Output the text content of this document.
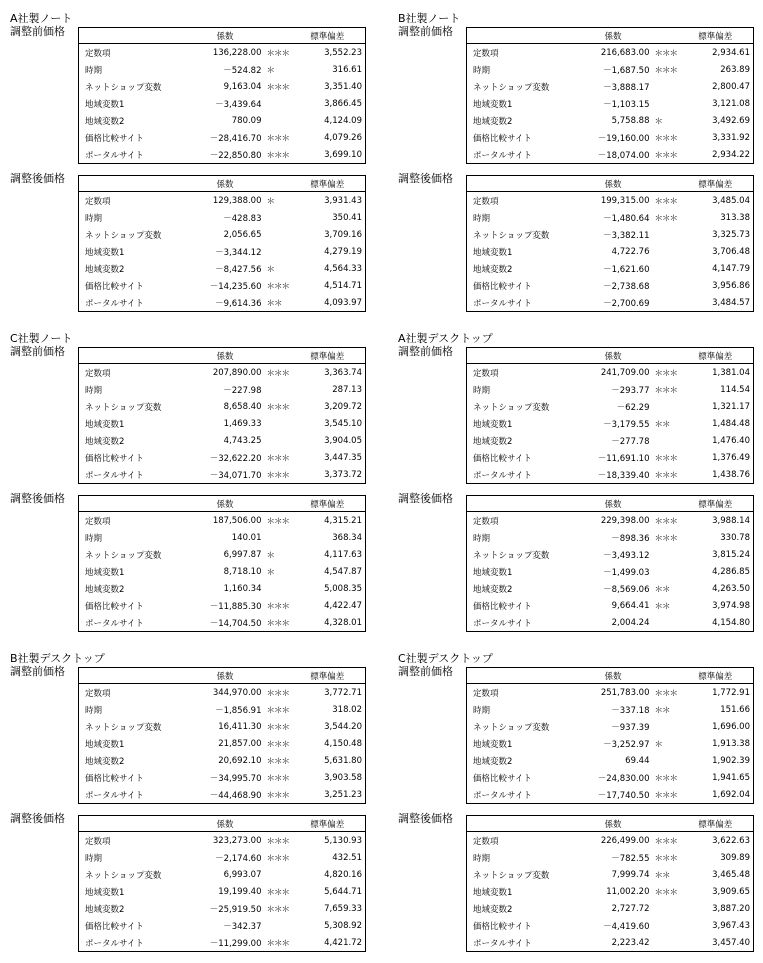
A社製ノート
調整前価格
		係数		標準偏差
定数項	136,228.00	＊＊＊	3,552.23
時期	－524.82	＊	316.61
ネットショップ変数	9,163.04	＊＊＊	3,351.40
地域変数1	－3,439.64		3,866.45
地域変数2	780.09		4,124.09
価格比較サイト	－28,416.70	＊＊＊	4,079.26
ポータルサイト	－22,850.80	＊＊＊	3,699.10
調整後価格
		係数		標準偏差
定数項	129,388.00	＊	3,931.43
時期	－428.83		350.41
ネットショップ変数	2,056.65		3,709.16
地域変数1	－3,344.12		4,279.19
地域変数2	－8,427.56	＊	4,564.33
価格比較サイト	－14,235.60	＊＊＊	4,514.71
ポータルサイト	－9,614.36	＊＊	4,093.97
B社製ノート
調整前価格
		係数		標準偏差
定数項	216,683.00	＊＊＊	2,934.61
時期	－1,687.50	＊＊＊	263.89
ネットショップ変数	－3,888.17		2,800.47
地域変数1	－1,103.15		3,121.08
地域変数2	5,758.88	＊	3,492.69
価格比較サイト	－19,160.00	＊＊＊	3,331.92
ポータルサイト	－18,074.00	＊＊＊	2,934.22
調整後価格
		係数		標準偏差
定数項	199,315.00	＊＊＊	3,485.04
時期	－1,480.64	＊＊＊	313.38
ネットショップ変数	－3,382.11		3,325.73
地域変数1	4,722.76		3,706.48
地域変数2	－1,621.60		4,147.79
価格比較サイト	－2,738.68		3,956.86
ポータルサイト	－2,700.69		3,484.57
C社製ノート
調整前価格
		係数		標準偏差
定数項	207,890.00	＊＊＊	3,363.74
時期	－227.98		287.13
ネットショップ変数	8,658.40	＊＊＊	3,209.72
地域変数1	1,469.33		3,545.10
地域変数2	4,743.25		3,904.05
価格比較サイト	－32,622.20	＊＊＊	3,447.35
ポータルサイト	－34,071.70	＊＊＊	3,373.72
調整後価格
		係数		標準偏差
定数項	187,506.00	＊＊＊	4,315.21
時期	140.01		368.34
ネットショップ変数	6,997.87	＊	4,117.63
地域変数1	8,718.10	＊	4,547.87
地域変数2	1,160.34		5,008.35
価格比較サイト	－11,885.30	＊＊＊	4,422.47
ポータルサイト	－14,704.50	＊＊＊	4,328.01
A社製デスクトップ
調整前価格
		係数		標準偏差
定数項	241,709.00	＊＊＊	1,381.04
時期	－293.77	＊＊＊	114.54
ネットショップ変数	－62.29		1,321.17
地域変数1	－3,179.55	＊＊	1,484.48
地域変数2	－277.78		1,476.40
価格比較サイト	－11,691.10	＊＊＊	1,376.49
ポータルサイト	－18,339.40	＊＊＊	1,438.76
調整後価格
		係数		標準偏差
定数項	229,398.00	＊＊＊	3,988.14
時期	－898.36	＊＊＊	330.78
ネットショップ変数	－3,493.12		3,815.24
地域変数1	－1,499.03		4,286.85
地域変数2	－8,569.06	＊＊	4,263.50
価格比較サイト	9,664.41	＊＊	3,974.98
ポータルサイト	2,004.24		4,154.80
B社製デスクトップ
調整前価格
		係数		標準偏差
定数項	344,970.00	＊＊＊	3,772.71
時期	－1,856.91	＊＊＊	318.02
ネットショップ変数	16,411.30	＊＊＊	3,544.20
地域変数1	21,857.00	＊＊＊	4,150.48
地域変数2	20,692.10	＊＊＊	5,631.80
価格比較サイト	－34,995.70	＊＊＊	3,903.58
ポータルサイト	－44,468.90	＊＊＊	3,251.23
調整後価格
		係数		標準偏差
定数項	323,273.00	＊＊＊	5,130.93
時期	－2,174.60	＊＊＊	432.51
ネットショップ変数	6,993.07		4,820.16
地域変数1	19,199.40	＊＊＊	5,644.71
地域変数2	－25,919.50	＊＊＊	7,659.33
価格比較サイト	－342.37		5,308.92
ポータルサイト	－11,299.00	＊＊＊	4,421.72
C社製デスクトップ
調整前価格
		係数		標準偏差
定数項	251,783.00	＊＊＊	1,772.91
時期	－337.18	＊＊	151.66
ネットショップ変数	－937.39		1,696.00
地域変数1	－3,252.97	＊	1,913.38
地域変数2	69.44		1,902.39
価格比較サイト	－24,830.00	＊＊＊	1,941.65
ポータルサイト	－17,740.50	＊＊＊	1,692.04
調整後価格
		係数		標準偏差
定数項	226,499.00	＊＊＊	3,622.63
時期	－782.55	＊＊＊	309.89
ネットショップ変数	7,999.74	＊＊	3,465.48
地域変数1	11,002.20	＊＊＊	3,909.65
地域変数2	2,727.72		3,887.20
価格比較サイト	－4,419.60		3,967.43
ポータルサイト	2,223.42		3,457.40
